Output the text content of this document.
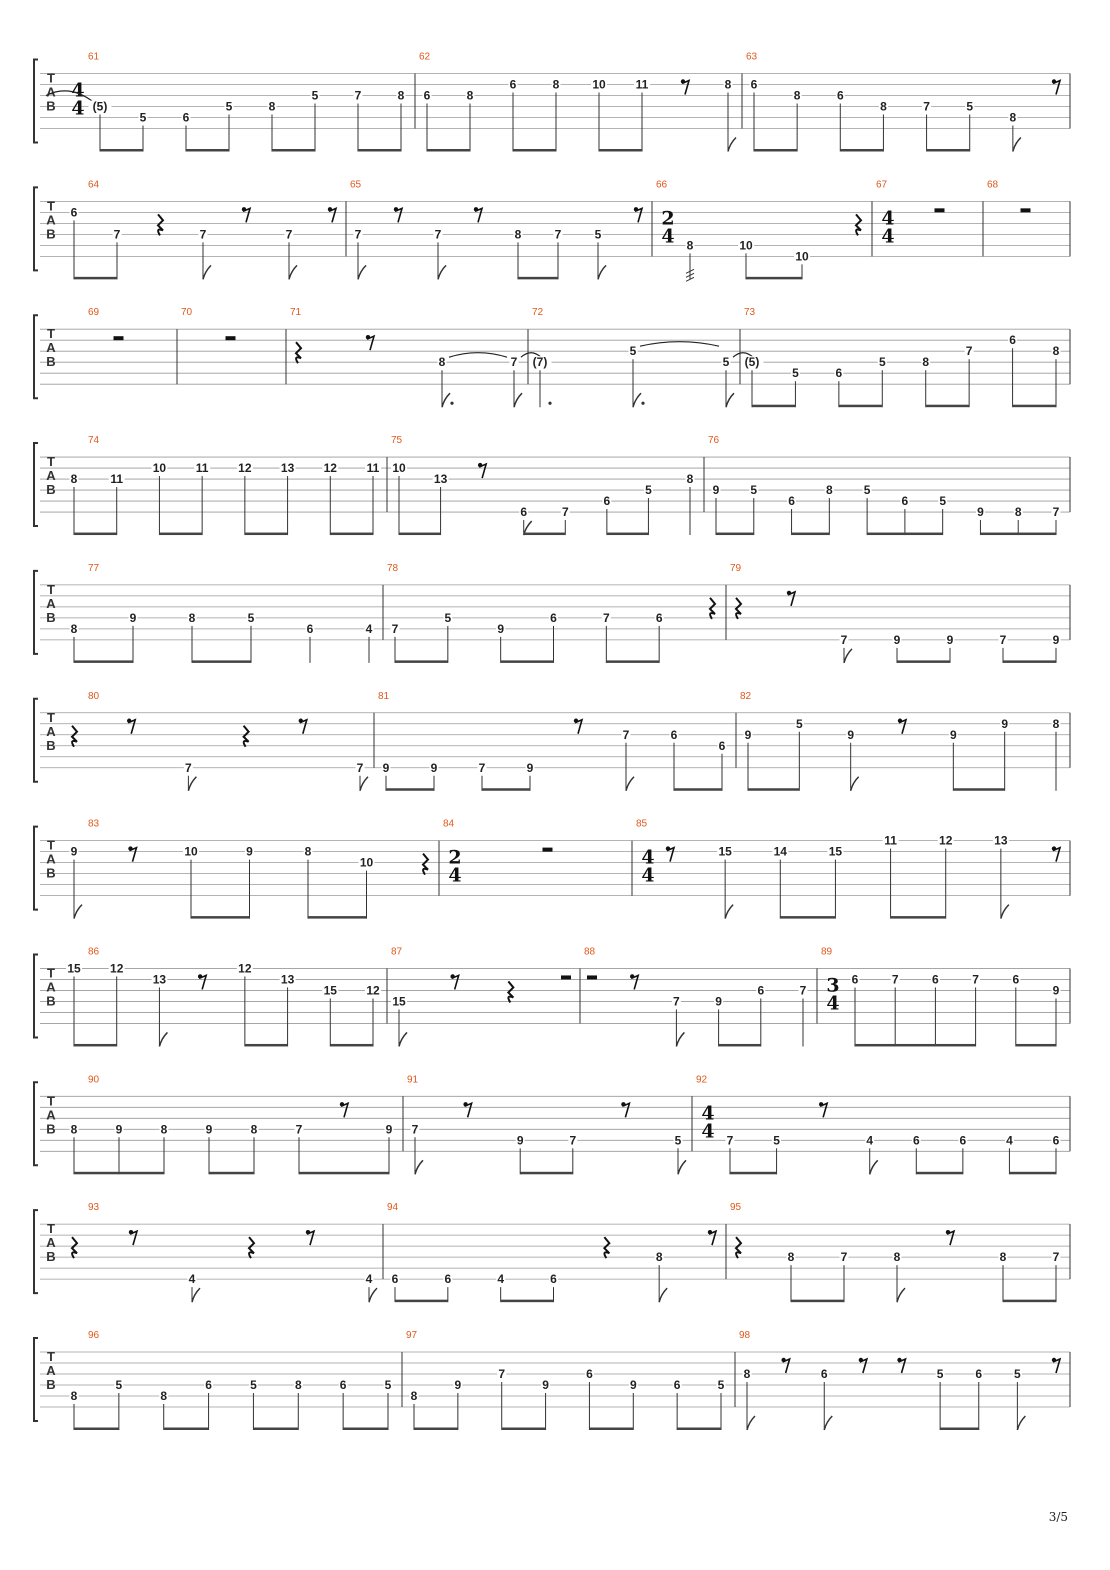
T
A
B
61
4
4 (5)
5	6
5	8
5	7	8
62
6	8
6	8	10 11	8
63
6
8	6
8	7	5
8
T
A
B
64
6
7	7	7
65
7	7	8	7	5
66
2
4 8	10
10
67
4
4
68
T
A
B
69	70	71
8	7
72
(7)
5
5
73
(5)
5	6
5	8
7
6
8
T
A
B
74
8	11
10 11 12 13 12 11
75
10
13
6	7
6
5
8
76
9	5
6
8	5
6	5
9	8	7
T
A
B
77
8
9	8	5
6	4
78
7
5
9
6	7	6
79
7	9	9	7	9
T
A
B
80
7	7
81
9	9	7	9
7	6
6
82
9
5
9	9
9	8
T
A
B
83
9	10	9	8
10
84
2
4
85
4
4
15	14	15
11	12	13
T
A
B
86
15 12
13
12
13
15 12
87
15
88
7	9
6	7
89
3
4
6	7	6	7	6
9
T
A
B
90
8	9	8	9	8	7	9
91
7
9	7	5
92
4
4 7	5	4	6	6	4	6
T
A
B
93
4	4
94
6	6	4	6
8
95
8	7	8	8	7
T
A
B
96
8
5
8
6	5	8	6	5
97
8
9
7
9
6
9	6	5
98
8	6	5	6	5
3/5
